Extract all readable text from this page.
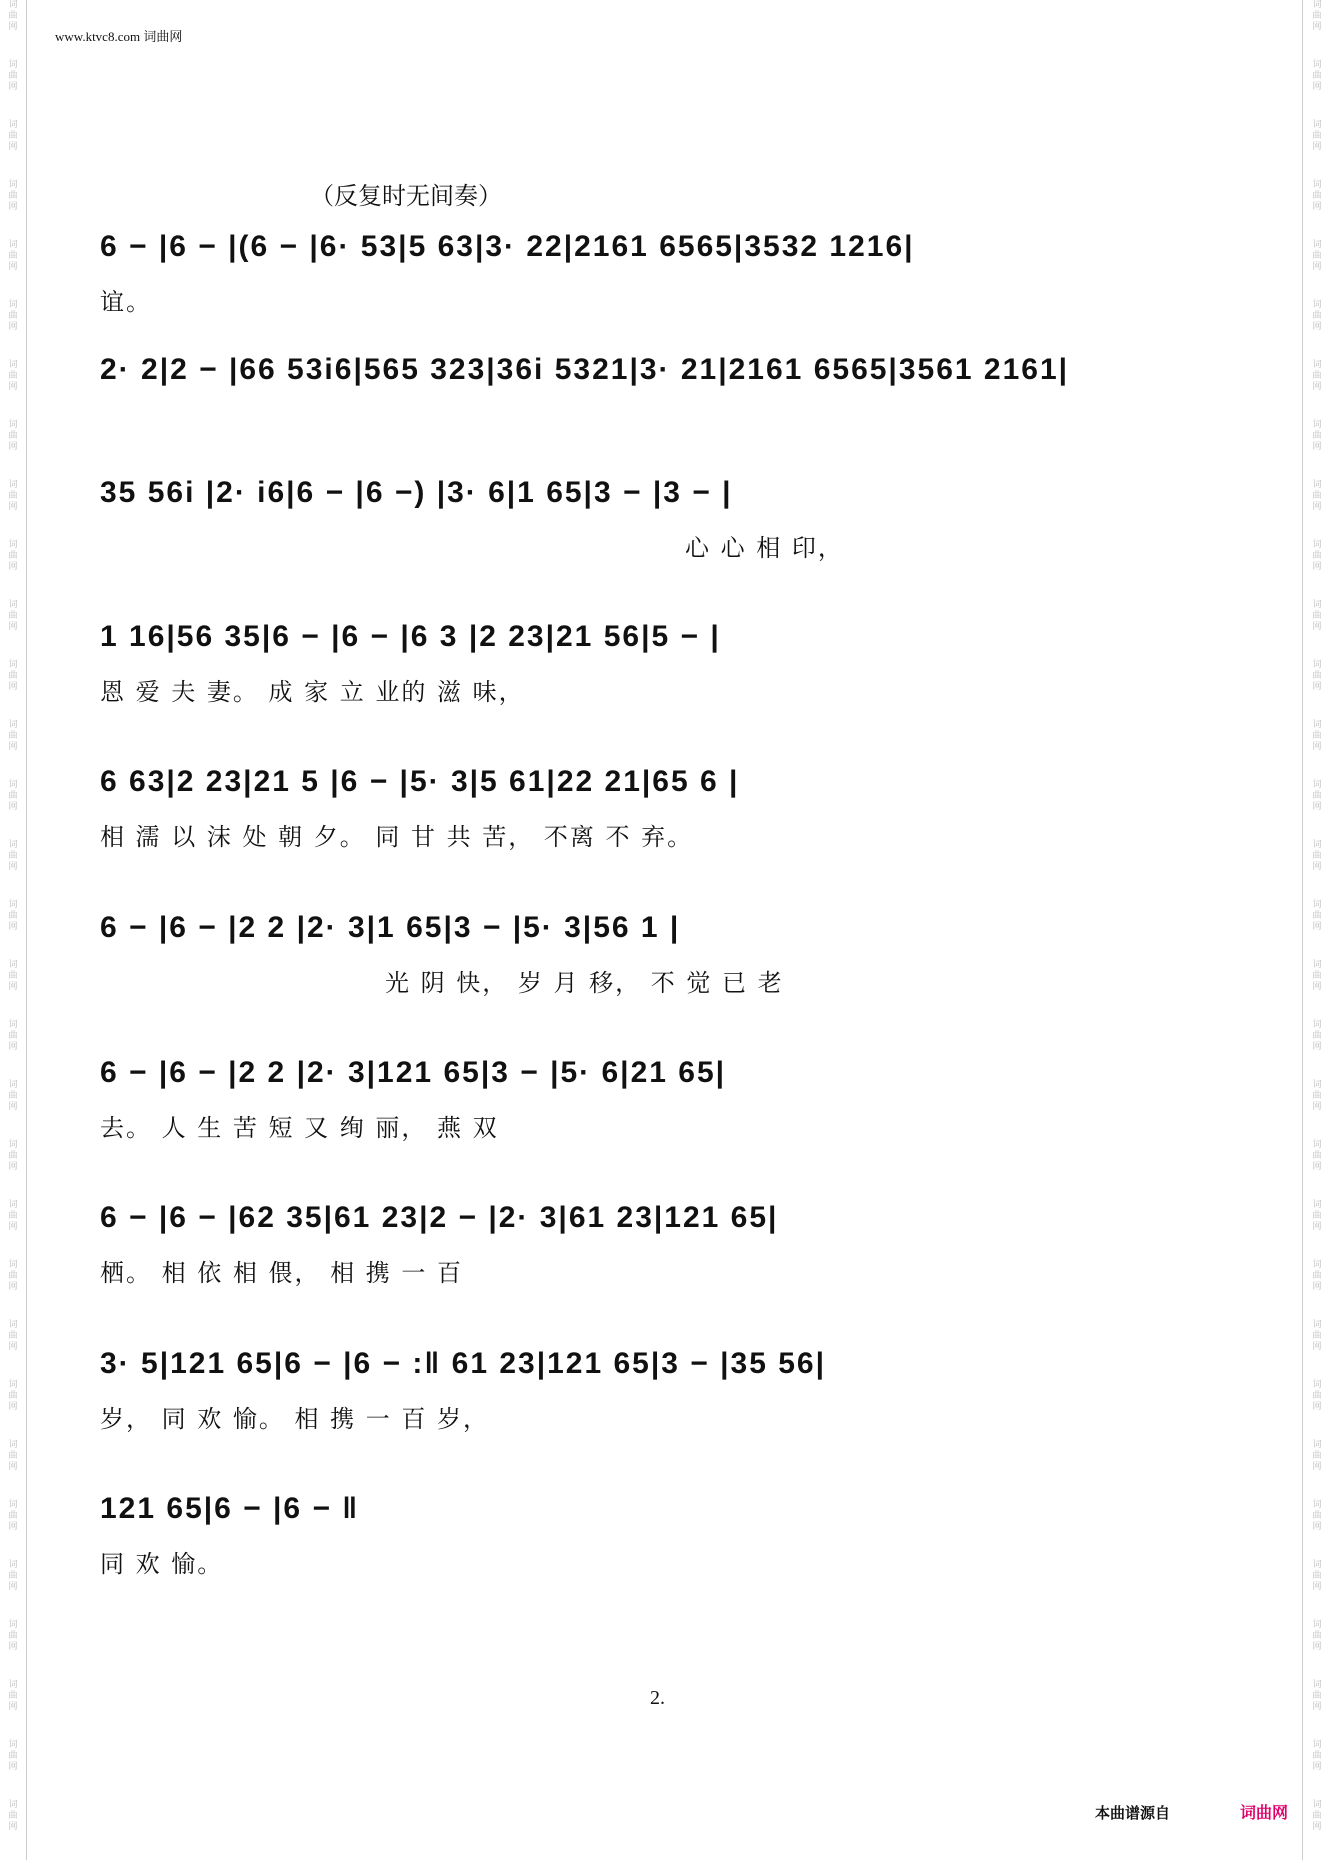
词
曲
网
词
曲
网
词
曲
网
词
曲
网
词
曲
网
词
曲
网
词
曲
网
词
曲
网
词
曲
网
词
曲
网
词
曲
网
词
曲
网
词
曲
网
词
曲
网
词
曲
网
词
曲
网
词
曲
网
词
曲
网
词
曲
网
词
曲
网
词
曲
网
词
曲
网
词
曲
网
词
曲
网
词
曲
网
词
曲
网
词
曲
网
词
曲
网
词
曲
网
词
曲
网
词
曲
网
词
曲
网
词
曲
网
词
曲
网
词
曲
网
词
曲
网
词
曲
网
词
曲
网
词
曲
网
词
曲
网
词
曲
网
词
曲
网
词
曲
网
词
曲
网
词
曲
网
词
曲
网
词
曲
网
词
曲
网
词
曲
网
词
曲
网
词
曲
网
词
曲
网
词
曲
网
词
曲
网
词
曲
网
词
曲
网
词
曲
网
词
曲
网
词
曲
网
词
曲
网
词
曲
网
词
曲
网
www.ktvc8.com 词曲网
（反复时无间奏）
6 − |6 − |(6 − |6· 53|5 63|3· 22|2161 6565|3532 1216|
谊。
2· 2|2 − |66 53i6|565 323|36i 5321|3· 21|2161 6565|3561 2161|
35 56i |2· i6|6 − |6 −) |3· 6|1 65|3 − |3 − |
心 心 相 印，
1 16|56 35|6 − |6 − |6 3 |2 23|21 56|5 − |
恩 爱 夫 妻。 成 家 立 业的 滋 味，
6 63|2 23|21 5 |6 − |5· 3|5 61|22 21|65 6 |
相 濡 以 沫 处 朝 夕。 同 甘 共 苦， 不离 不 弃。
6 − |6 − |2 2 |2· 3|1 65|3 − |5· 3|56 1 |
光 阴 快， 岁 月 移， 不 觉 已 老
6 − |6 − |2 2 |2· 3|121 65|3 − |5· 6|21 65|
去。 人 生 苦 短 又 绚 丽， 燕 双
6 − |6 − |62 35|61 23|2 − |2· 3|61 23|121 65|
栖。 相 依 相 偎， 相 携 一 百
3· 5|121 65|6 − |6 − :‖ 61 23|121 65|3 − |35 56|
岁， 同 欢 愉。 相 携 一 百 岁，
121 65|6 − |6 − ‖
同 欢 愉。
2.
本曲谱源自	词曲网
